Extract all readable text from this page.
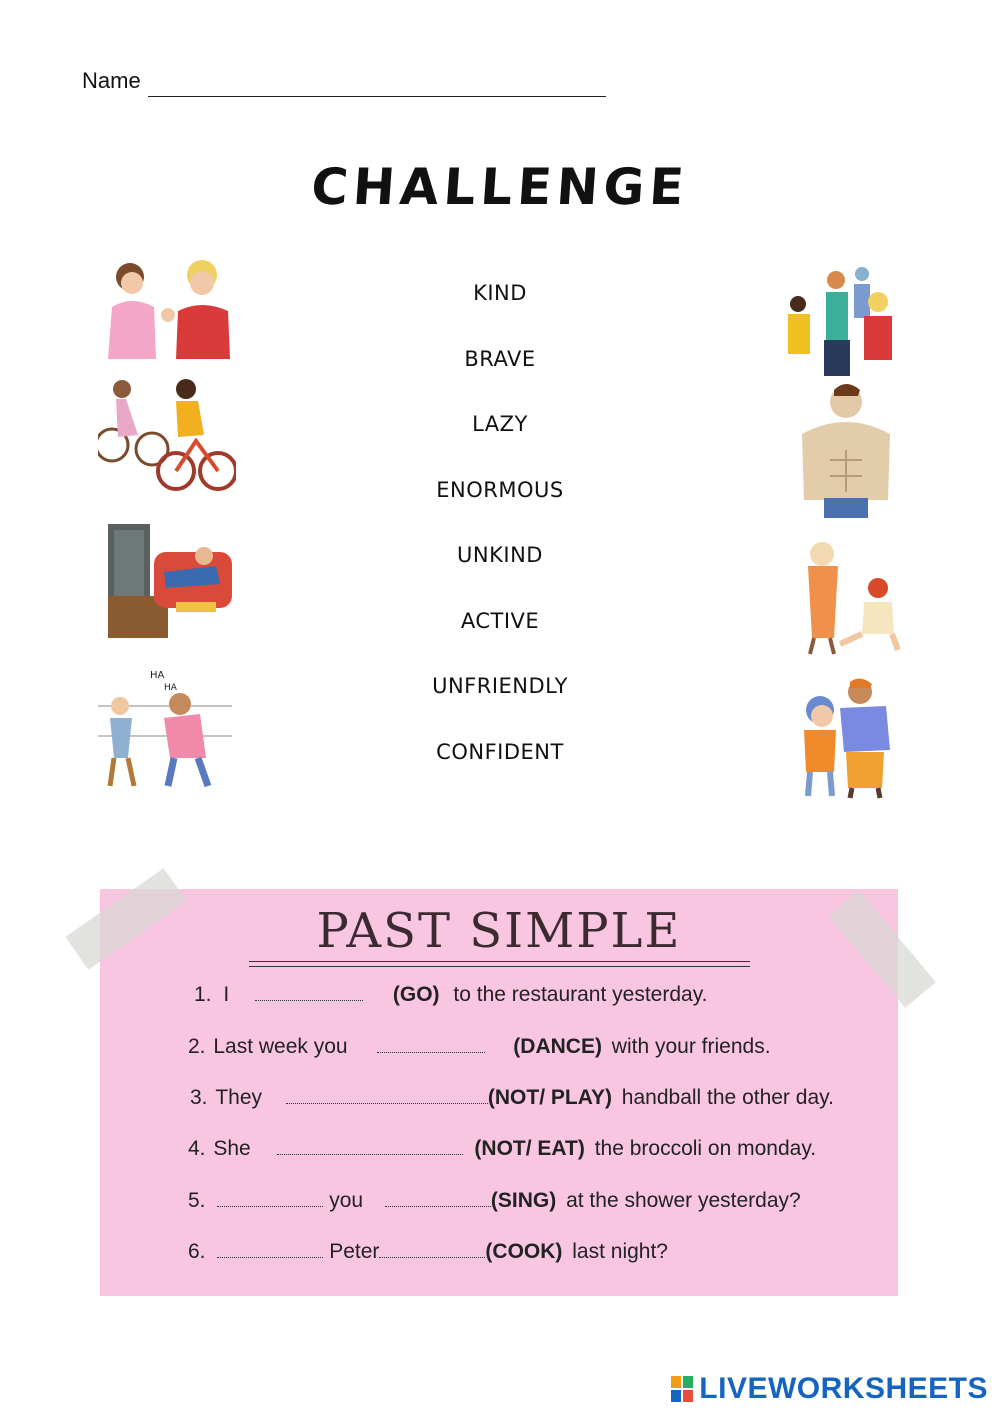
Name
CHALLENGE
KIND
BRAVE
LAZY
ENORMOUS
UNKIND
ACTIVE
UNFRIENDLY
CONFIDENT
HA
HA
PAST SIMPLE
1. I	(GO) to the restaurant yesterday.
2. Last week you	(DANCE) with your friends.
3. They	(NOT/ PLAY) handball the other day.
4. She	(NOT/ EAT) the broccoli on monday.
5.	you	(SING) at the shower yesterday?
6.	Peter	(COOK) last night?
LIVEWORKSHEETS
